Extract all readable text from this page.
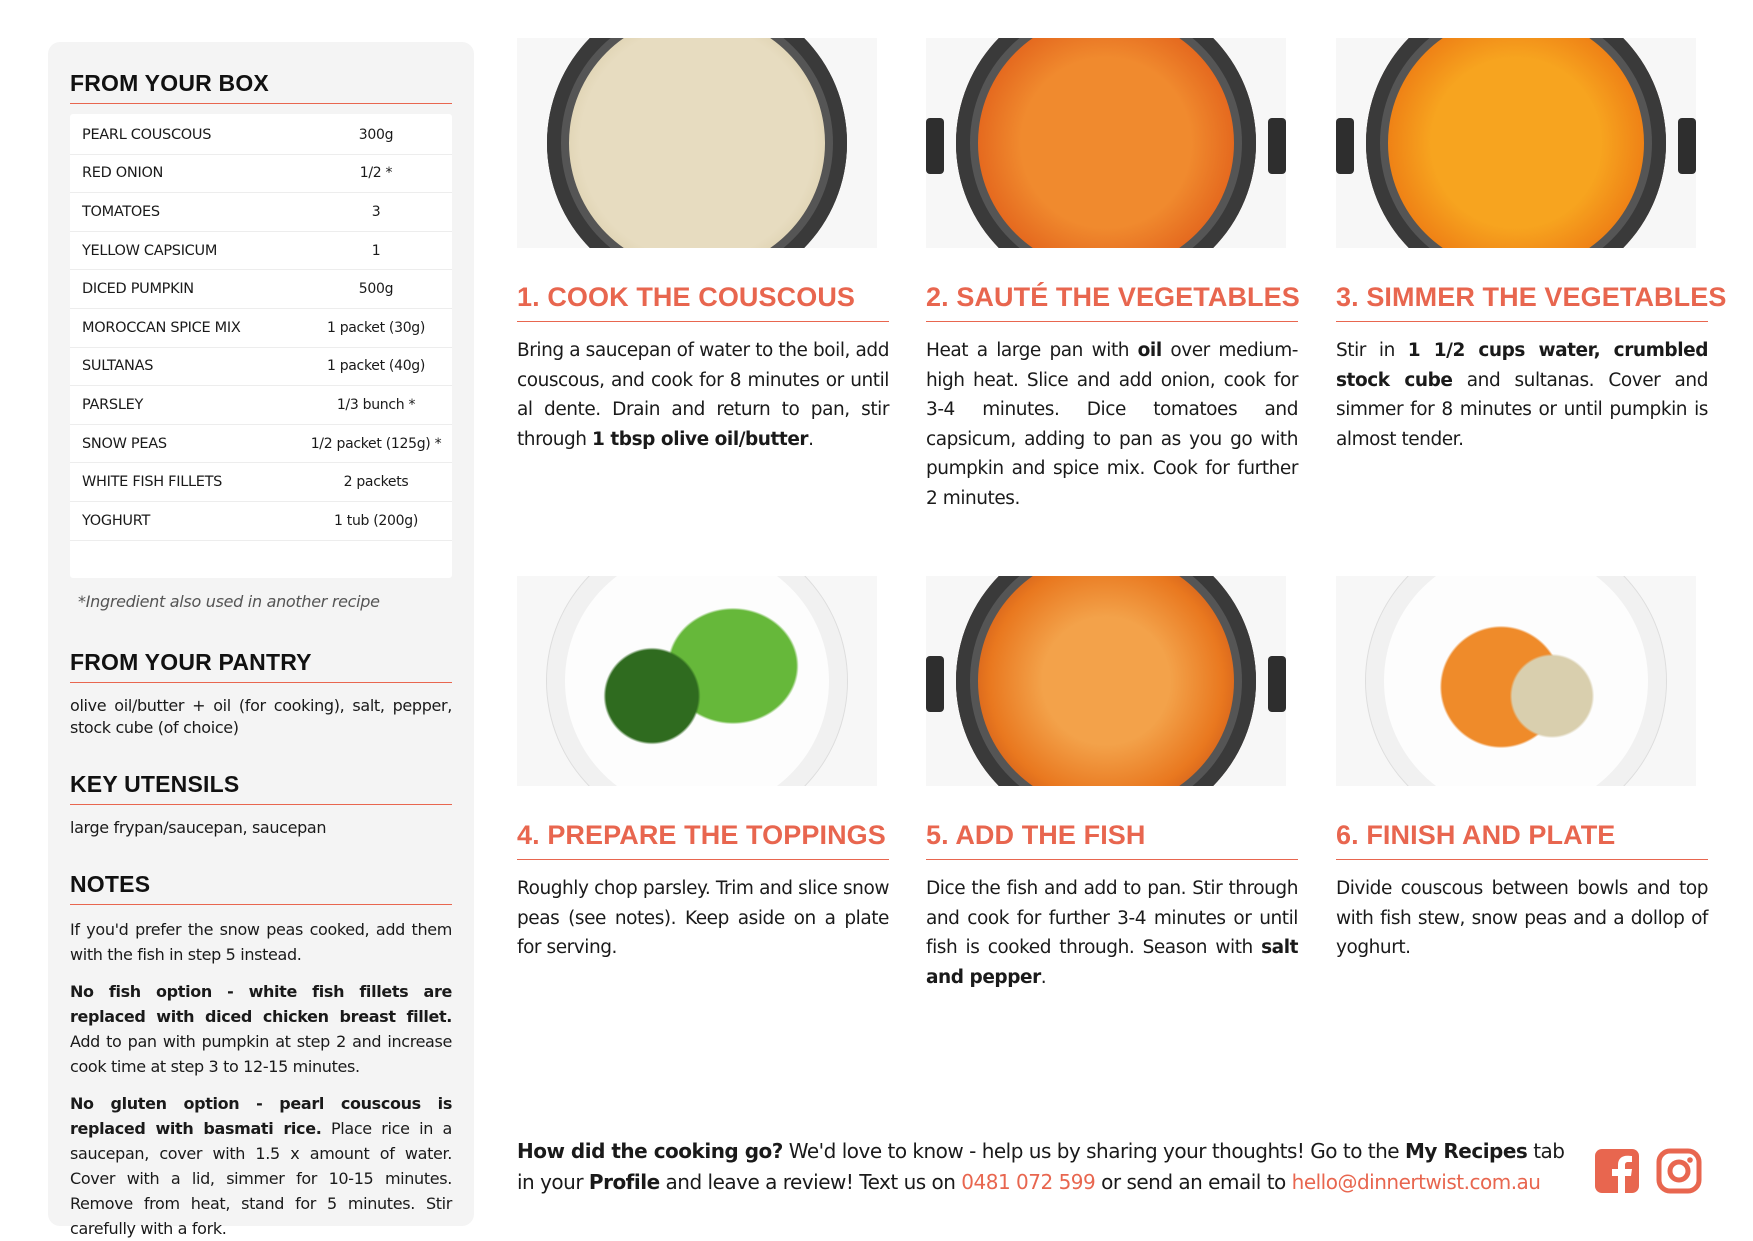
FROM YOUR BOX
PEARL COUSCOUS	300g
RED ONION	1/2 *
TOMATOES	3
YELLOW CAPSICUM	1
DICED PUMPKIN	500g
MOROCCAN SPICE MIX	1 packet (30g)
SULTANAS	1 packet (40g)
PARSLEY	1/3 bunch *
SNOW PEAS	1/2 packet (125g) *
WHITE FISH FILLETS	2 packets
YOGHURT	1 tub (200g)
*Ingredient also used in another recipe
FROM YOUR PANTRY

olive oil/butter + oil (for cooking), salt, pepper, stock cube (of choice)

KEY UTENSILS

large frypan/saucepan, saucepan

NOTES

If you'd prefer the snow peas cooked, add them with the fish in step 5 instead.

No fish option - white fish fillets are replaced with diced chicken breast fillet. Add to pan with pumpkin at step 2 and increase cook time at step 3 to 12-15 minutes.

No gluten option - pearl couscous is replaced with basmati rice. Place rice in a saucepan, cover with 1.5 x amount of water. Cover with a lid, simmer for 10-15 minutes. Remove from heat, stand for 5 minutes. Stir carefully with a fork.

1. COOK THE COUSCOUS

Bring a saucepan of water to the boil, add couscous, and cook for 8 minutes or until al dente. Drain and return to pan, stir through 1 tbsp olive oil/butter.

2. SAUTÉ THE VEGETABLES

Heat a large pan with oil over medium-high heat. Slice and add onion, cook for 3-4 minutes. Dice tomatoes and capsicum, adding to pan as you go with pumpkin and spice mix. Cook for further 2 minutes.

3. SIMMER THE VEGETABLES

Stir in 1 1/2 cups water, crumbled stock cube and sultanas. Cover and simmer for 8 minutes or until pumpkin is almost tender.

4. PREPARE THE TOPPINGS

Roughly chop parsley. Trim and slice snow peas (see notes). Keep aside on a plate for serving.

5. ADD THE FISH

Dice the fish and add to pan. Stir through and cook for further 3-4 minutes or until fish is cooked through. Season with salt and pepper.

6. FINISH AND PLATE

Divide couscous between bowls and top with fish stew, snow peas and a dollop of yoghurt.

How did the cooking go? We'd love to know - help us by sharing your thoughts! Go to the My Recipes tab in your Profile and leave a review! Text us on 0481 072 599 or send an email to hello@dinnertwist.com.au
